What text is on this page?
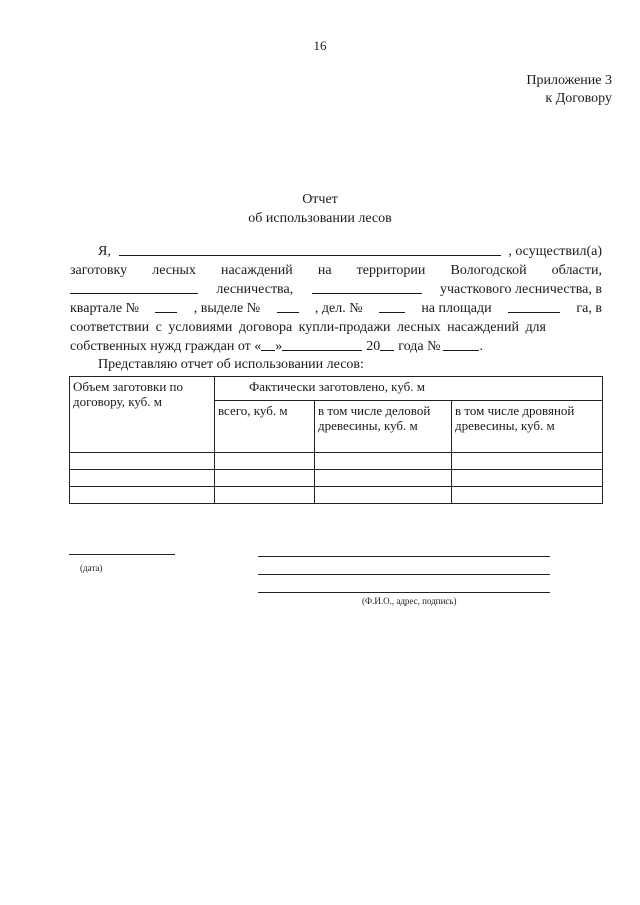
16
Приложение 3
к Договору
Отчет
об использовании лесов
Я,	, осуществил(а)
заготовку лесных насаждений на территории Вологодской области,
лесничества,	участкового лесничества, в
квартале №	, выделе №	, дел. №	на площади	га, в
соответствии с условиями договора купли-продажи лесных насаждений для
собственных нужд граждан от « »	20 года №	.
Представляю отчет об использовании лесов:
Объем заготовки по договору, куб. м	Фактически заготовлено, куб. м		
	всего, куб. м	в том числе деловой древесины, куб. м	в том числе дровяной древесины, куб. м

(дата)
(Ф.И.О., адрес, подпись)
